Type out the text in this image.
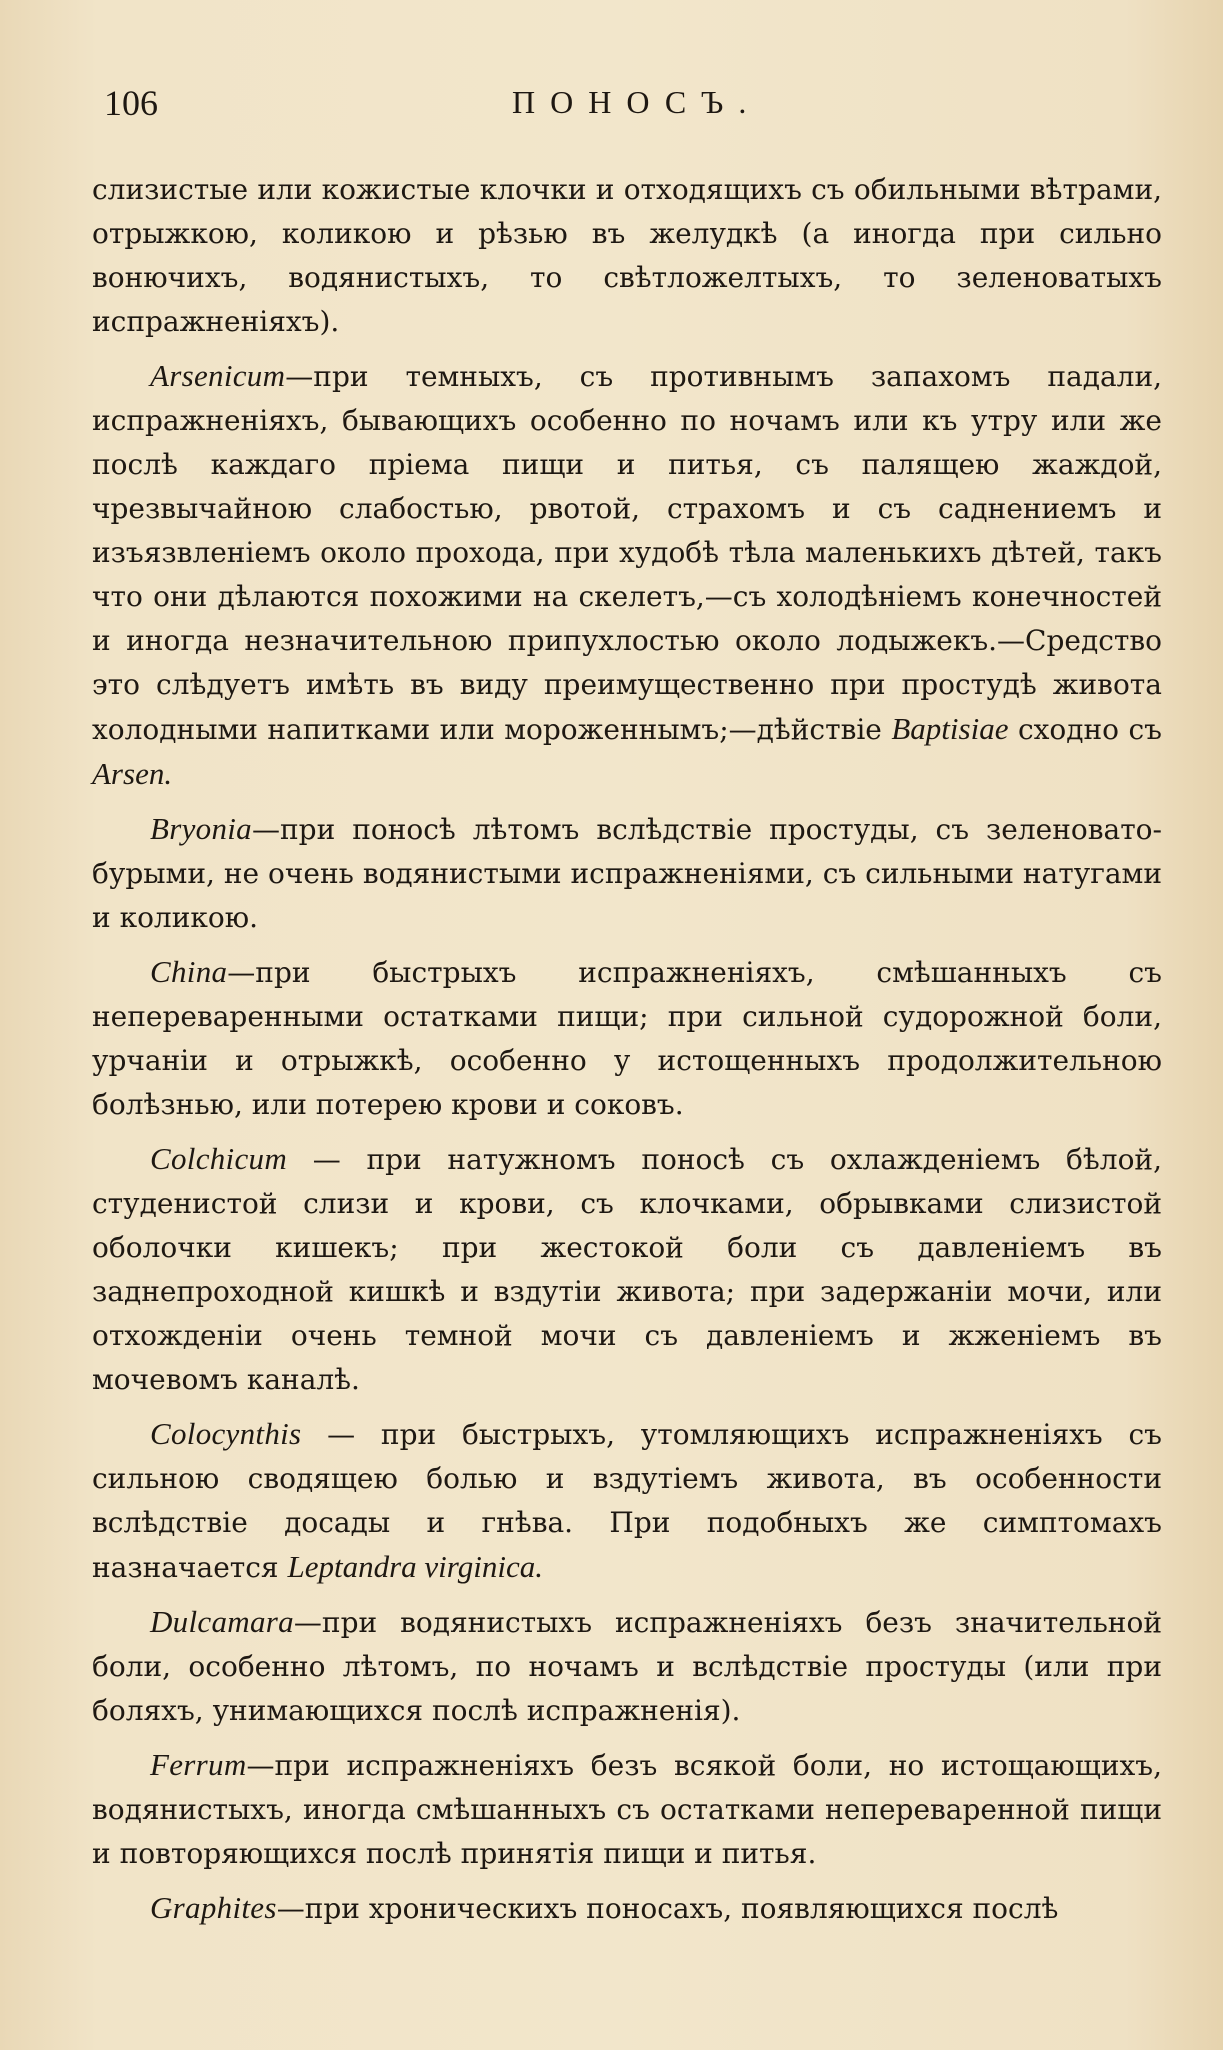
106	ПОНОСЪ.

слизистые или кожистые клочки и отходящихъ съ обильными вѣтрами, отрыжкою, коликою и рѣзью въ желудкѣ (а иногда при сильно вонючихъ, водянистыхъ, то свѣтложелтыхъ, то зеленоватыхъ испражненiяхъ).

Arsenicum—при темныхъ, съ противнымъ запахомъ падали, испражненiяхъ, бывающихъ особенно по ночамъ или къ утру или же послѣ каждаго прiема пищи и питья, съ палящею жаждой, чрезвычайною слабостью, рвотой, страхомъ и съ саднениемъ и изъязвленiемъ около прохода, при худобѣ тѣла маленькихъ дѣтей, такъ что они дѣлаются похожими на скелетъ,—съ холодѣнiемъ конечностей и иногда незначительною припухлостью около лодыжекъ.—Средство это слѣдуетъ имѣть въ виду преимущественно при простудѣ живота холодными напитками или мороженнымъ;—дѣйствiе Baptisiae сходно съ Arsen.

Bryonia—при поносѣ лѣтомъ вслѣдствiе простуды, съ зеленовато-бурыми, не очень водянистыми испражненiями, съ сильными натугами и коликою.

China—при быстрыхъ испражненiяхъ, смѣшанныхъ съ непереваренными остатками пищи; при сильной судорожной боли, урчанiи и отрыжкѣ, особенно у истощенныхъ продолжительною болѣзнью, или потерею крови и соковъ.

Colchicum — при натужномъ поносѣ съ охлажденiемъ бѣлой, студенистой слизи и крови, съ клочками, обрывками слизистой оболочки кишекъ; при жестокой боли съ давленiемъ въ заднепроходной кишкѣ и вздутiи живота; при задержанiи мочи, или отхожденiи очень темной мочи съ давленiемъ и жженiемъ въ мочевомъ каналѣ.

Colocynthis — при быстрыхъ, утомляющихъ испражненiяхъ съ сильною сводящею болью и вздутiемъ живота, въ особенности вслѣдствiе досады и гнѣва. При подобныхъ же симптомахъ назначается Leptandra virginica.

Dulcamara—при водянистыхъ испражненiяхъ безъ значительной боли, особенно лѣтомъ, по ночамъ и вслѣдствiе простуды (или при боляхъ, унимающихся послѣ испражненiя).

Ferrum—при испражненiяхъ безъ всякой боли, но истощающихъ, водянистыхъ, иногда смѣшанныхъ съ остатками непереваренной пищи и повторяющихся послѣ принятiя пищи и питья.

Graphites—при хроническихъ поносахъ, появляющихся послѣ
